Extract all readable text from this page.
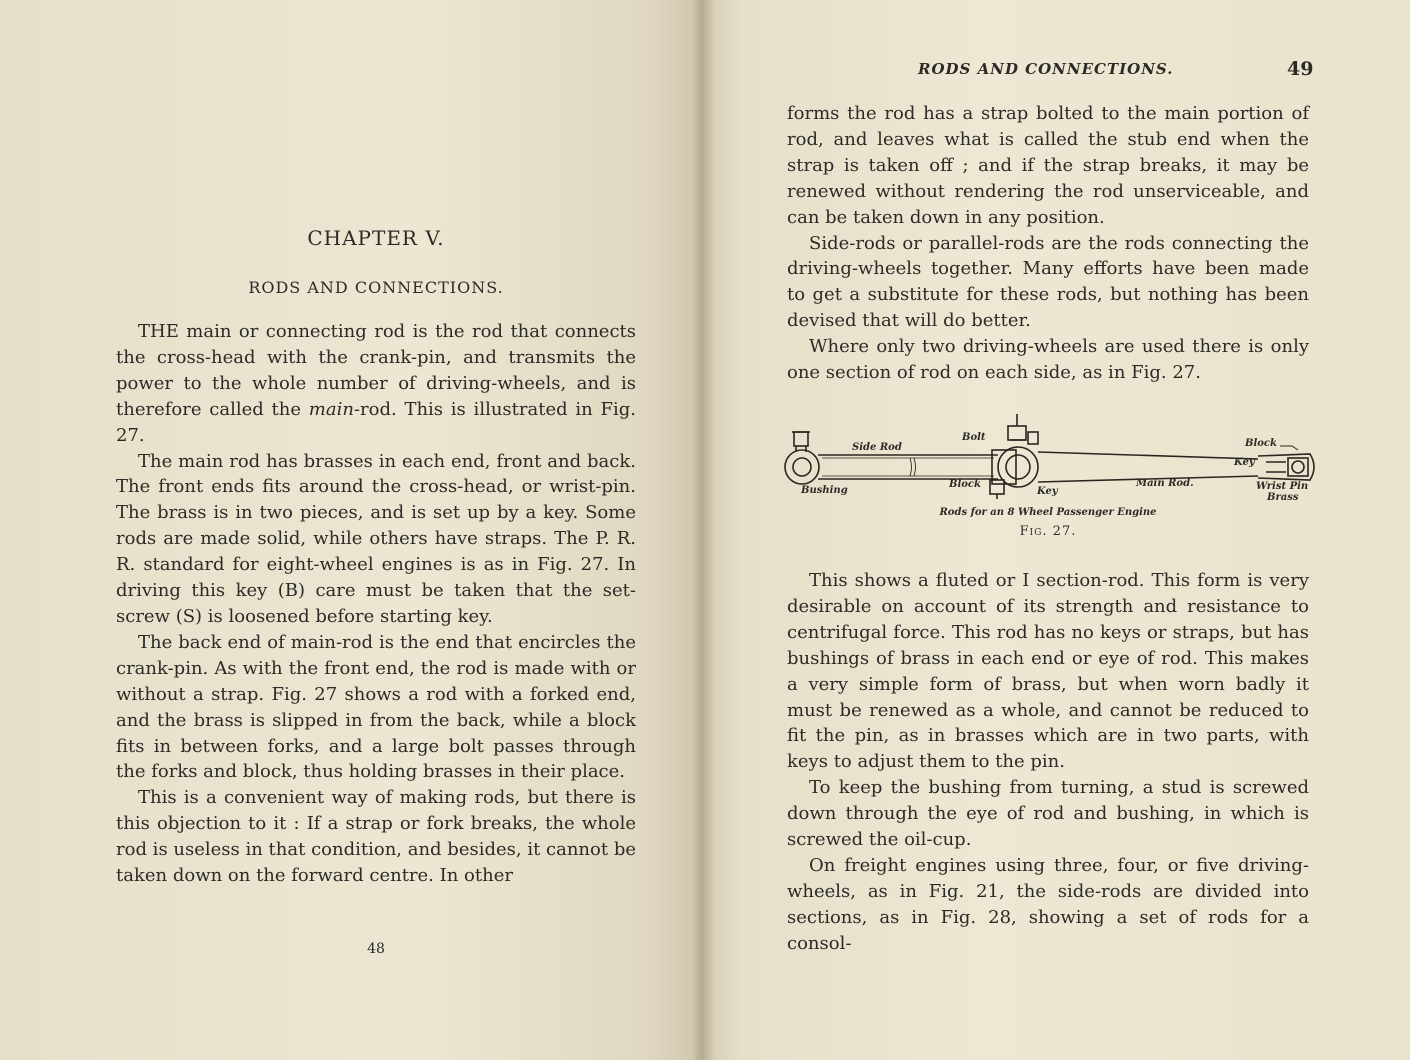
CHAPTER V.
RODS AND CONNECTIONS.

THE main or connecting rod is the rod that connects the cross-head with the crank-pin, and transmits the power to the whole number of driving-wheels, and is therefore called the main-rod. This is illustrated in Fig. 27.

The main rod has brasses in each end, front and back. The front ends fits around the cross-head, or wrist-pin. The brass is in two pieces, and is set up by a key. Some rods are made solid, while others have straps. The P. R. R. standard for eight-wheel engines is as in Fig. 27. In driving this key (B) care must be taken that the set-screw (S) is loosened before starting key.

The back end of main-rod is the end that encircles the crank-pin. As with the front end, the rod is made with or without a strap. Fig. 27 shows a rod with a forked end, and the brass is slipped in from the back, while a block fits in between forks, and a large bolt passes through the forks and block, thus holding brasses in their place.

This is a convenient way of making rods, but there is this objection to it : If a strap or fork breaks, the whole rod is useless in that condition, and besides, it cannot be taken down on the forward centre. In other

48
RODS AND CONNECTIONS.	49

forms the rod has a strap bolted to the main portion of rod, and leaves what is called the stub end when the strap is taken off ; and if the strap breaks, it may be renewed without rendering the rod unserviceable, and can be taken down in any position.

Side-rods or parallel-rods are the rods connecting the driving-wheels together. Many efforts have been made to get a substitute for these rods, but nothing has been devised that will do better.

Where only two driving-wheels are used there is only one section of rod on each side, as in Fig. 27.

Side Rod
Bolt
Block
Key
Bushing
Block
Key
Main Rod.	Wrist Pin
Brass
Rods for an 8 Wheel Passenger Engine
Fig. 27.

This shows a fluted or I section-rod. This form is very desirable on account of its strength and resistance to centrifugal force. This rod has no keys or straps, but has bushings of brass in each end or eye of rod. This makes a very simple form of brass, but when worn badly it must be renewed as a whole, and cannot be reduced to fit the pin, as in brasses which are in two parts, with keys to adjust them to the pin.

To keep the bushing from turning, a stud is screwed down through the eye of rod and bushing, in which is screwed the oil-cup.

On freight engines using three, four, or five driving-wheels, as in Fig. 21, the side-rods are divided into sections, as in Fig. 28, showing a set of rods for a consol-
